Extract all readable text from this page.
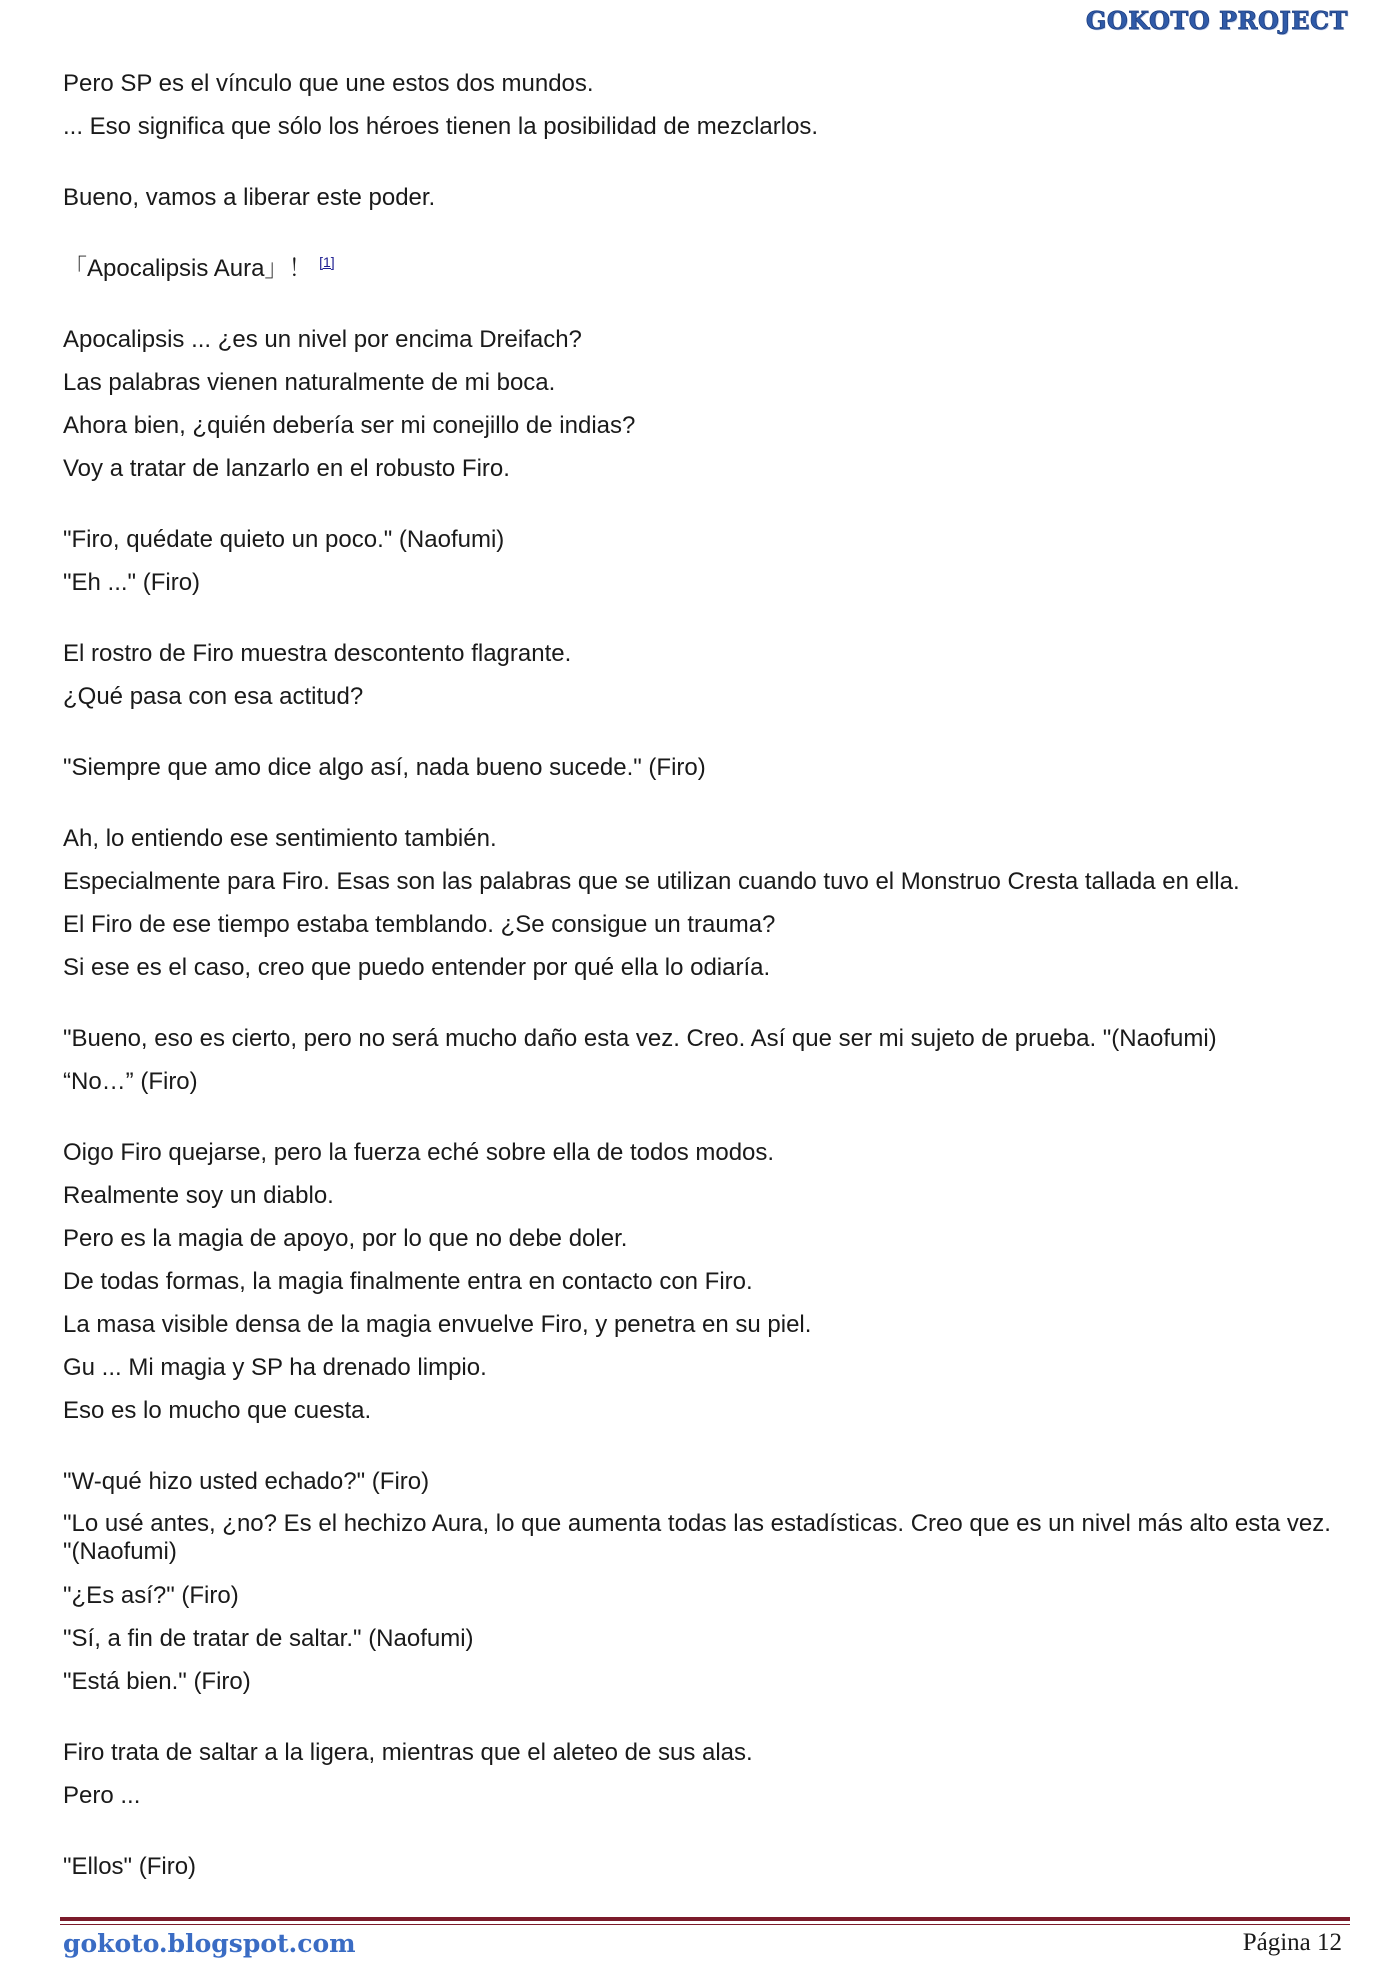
GOKOTO PROJECT
Pero SP es el vínculo que une estos dos mundos.
... Eso significa que sólo los héroes tienen la posibilidad de mezclarlos.
Bueno, vamos a liberar este poder.
「Apocalipsis Aura」！ [1]
Apocalipsis ... ¿es un nivel por encima Dreifach?
Las palabras vienen naturalmente de mi boca.
Ahora bien, ¿quién debería ser mi conejillo de indias?
Voy a tratar de lanzarlo en el robusto Firo.
"Firo, quédate quieto un poco." (Naofumi)
"Eh ..." (Firo)
El rostro de Firo muestra descontento flagrante.
¿Qué pasa con esa actitud?
"Siempre que amo dice algo así, nada bueno sucede." (Firo)
Ah, lo entiendo ese sentimiento también.
Especialmente para Firo. Esas son las palabras que se utilizan cuando tuvo el Monstruo Cresta tallada en ella.
El Firo de ese tiempo estaba temblando. ¿Se consigue un trauma?
Si ese es el caso, creo que puedo entender por qué ella lo odiaría.
"Bueno, eso es cierto, pero no será mucho daño esta vez. Creo. Así que ser mi sujeto de prueba. "(Naofumi)
“No…” (Firo)
Oigo Firo quejarse, pero la fuerza eché sobre ella de todos modos.
Realmente soy un diablo.
Pero es la magia de apoyo, por lo que no debe doler.
De todas formas, la magia finalmente entra en contacto con Firo.
La masa visible densa de la magia envuelve Firo, y penetra en su piel.
Gu ... Mi magia y SP ha drenado limpio.
Eso es lo mucho que cuesta.
"W-qué hizo usted echado?" (Firo)
"Lo usé antes, ¿no? Es el hechizo Aura, lo que aumenta todas las estadísticas. Creo que es un nivel más alto esta vez. "(Naofumi)
"¿Es así?" (Firo)
"Sí, a fin de tratar de saltar." (Naofumi)
"Está bien." (Firo)
Firo trata de saltar a la ligera, mientras que el aleteo de sus alas.
Pero ...
"Ellos" (Firo)
gokoto.blogspot.com	Página 12
